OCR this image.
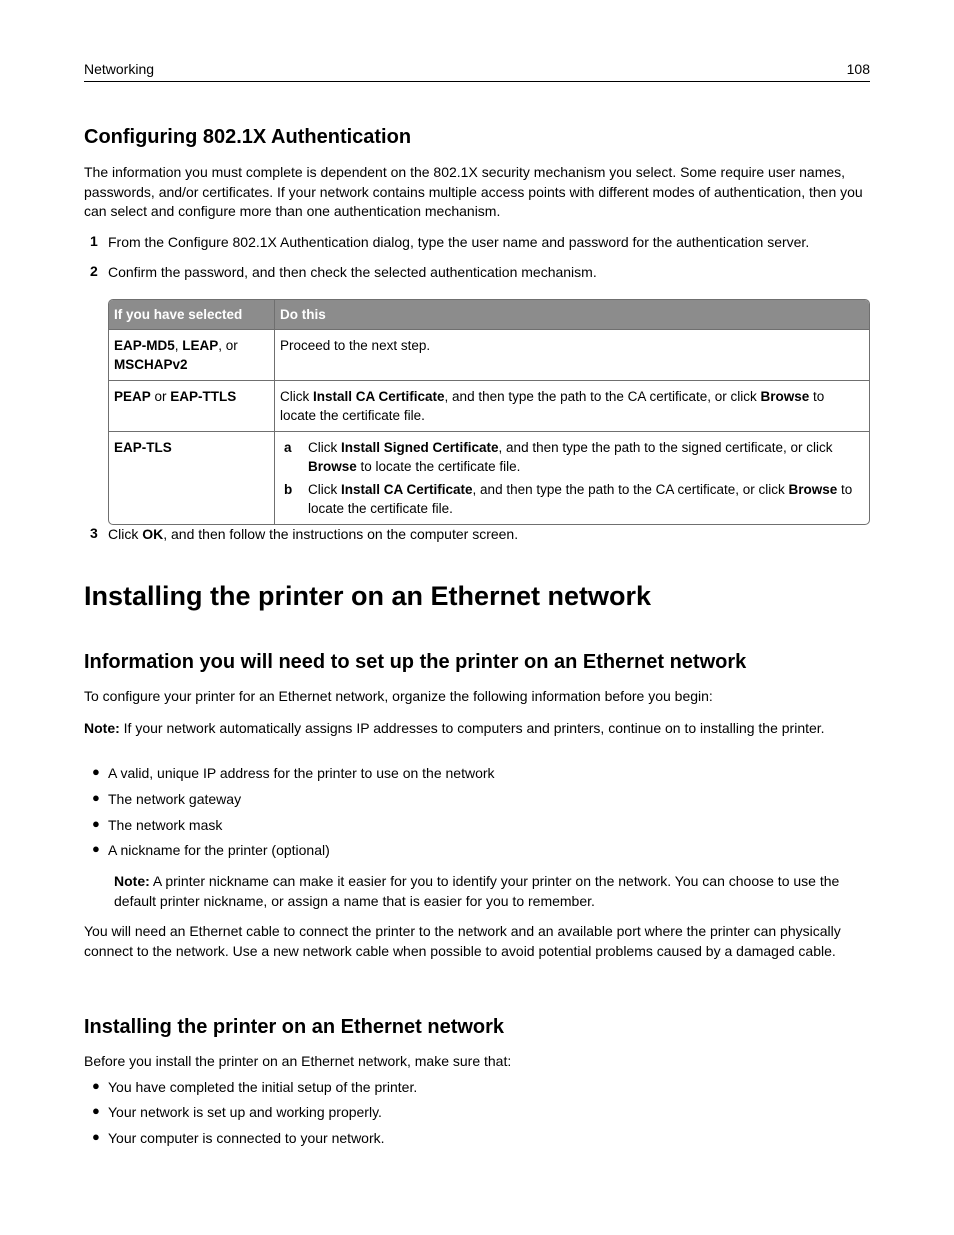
Networking	108
Configuring 802.1X Authentication

The information you must complete is dependent on the 802.1X security mechanism you select. Some require user names, passwords, and/or certificates. If your network contains multiple access points with different modes of authentication, then you can select and configure more than one authentication mechanism.

1 From the Configure 802.1X Authentication dialog, type the user name and password for the authentication server.

2 Confirm the password, and then check the selected authentication mechanism.

If you have selected	Do this
EAP-MD5, LEAP, or
MSCHAPv2	Proceed to the next step.
PEAP or EAP-TTLS	Click Install CA Certificate, and then type the path to the CA certificate, or click Browse to locate the certificate file.
EAP-TLS	a Click Install Signed Certificate, and then type the path to the signed certificate, or click Browse to locate the certificate file.
b Click Install CA Certificate, and then type the path to the CA certificate, or click Browse to locate the certificate file.
3 Click OK, and then follow the instructions on the computer screen.

Installing the printer on an Ethernet network
Information you will need to set up the printer on an Ethernet network

To configure your printer for an Ethernet network, organize the following information before you begin:

Note: If your network automatically assigns IP addresses to computers and printers, continue on to installing the printer.

● A valid, unique IP address for the printer to use on the network

● The network gateway

● The network mask

● A nickname for the printer (optional)

Note: A printer nickname can make it easier for you to identify your printer on the network. You can choose to use the default printer nickname, or assign a name that is easier for you to remember.

You will need an Ethernet cable to connect the printer to the network and an available port where the printer can physically connect to the network. Use a new network cable when possible to avoid potential problems caused by a damaged cable.

Installing the printer on an Ethernet network

Before you install the printer on an Ethernet network, make sure that:

● You have completed the initial setup of the printer.

● Your network is set up and working properly.

● Your computer is connected to your network.
